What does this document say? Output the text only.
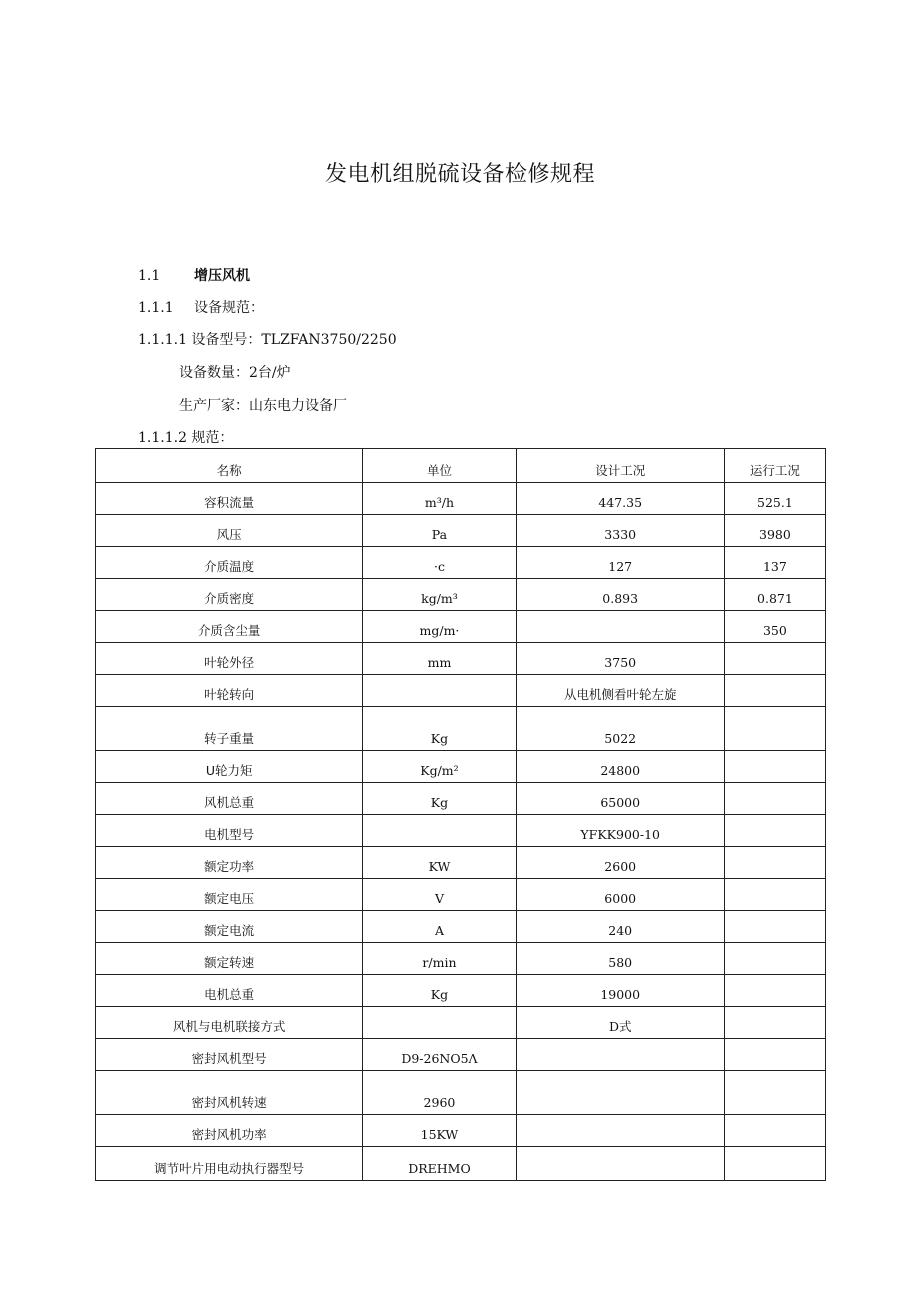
发电机组脱硫设备检修规程
1.1 增压风机
1.1.1 设备规范：
1.1.1.1 设备型号：TLZFAN3750/2250
设备数量：2台/炉
生产厂家：山东电力设备厂
1.1.1.2 规范：
名称	单位	设计工况	运行工况
容积流量	m³/h	447.35	525.1
风压	Pa	3330	3980
介质温度	·c	127	137
介质密度	kg/m³	0.893	0.871
介质含尘量	mg/m·		350
叶轮外径	mm	3750	
叶轮转向		从电机侧看叶轮左旋	
转子重量	Kg	5022	
U轮力矩	Kg/m²	24800	
风机总重	Kg	65000	
电机型号		YFKK900-10	
额定功率	KW	2600	
额定电压	V	6000	
额定电流	A	240	
额定转速	r/min	580	
电机总重	Kg	19000	
风机与电机联接方式		D式	
密封风机型号	D9-26NO5Λ		
密封风机转速	2960		
密封风机功率	15KW		
调节叶片用电动执行器型号	DREHMO		
